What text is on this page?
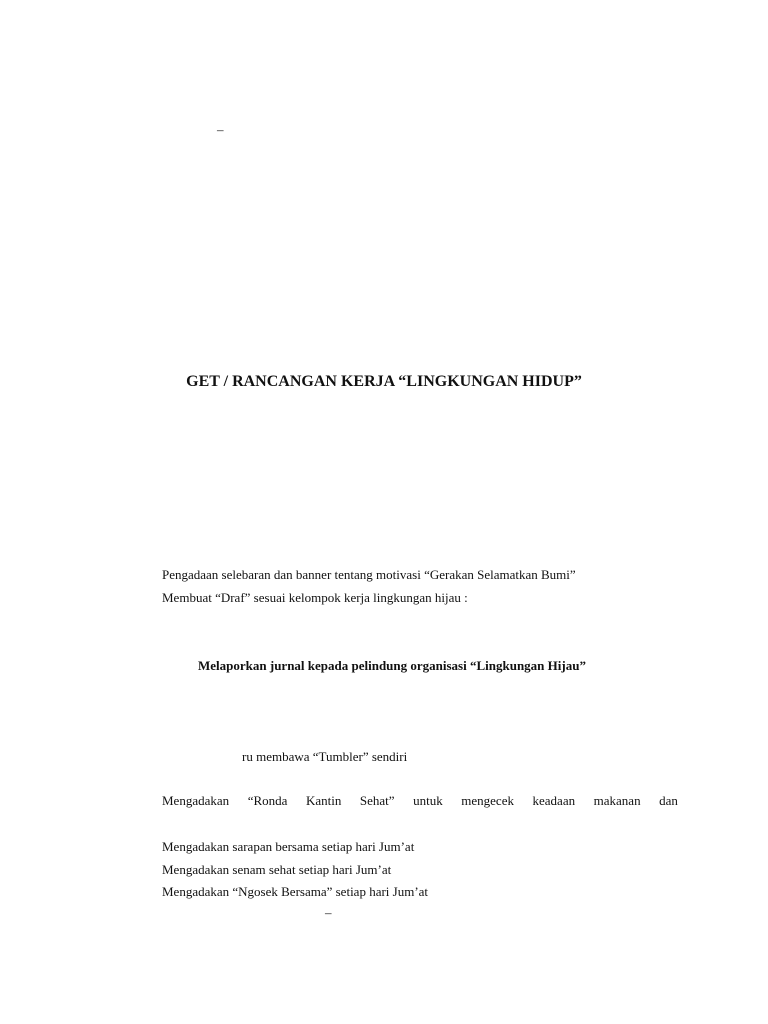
–
GET / RANCANGAN KERJA “LINGKUNGAN HIDUP”
Pengadaan selebaran dan banner tentang motivasi “Gerakan Selamatkan Bumi”
Membuat “Draf” sesuai kelompok kerja lingkungan hijau :
Melaporkan jurnal kepada pelindung organisasi “Lingkungan Hijau”
ru membawa “Tumbler” sendiri
Mengadakan “Ronda Kantin Sehat” untuk mengecek keadaan makanan dan
Mengadakan sarapan bersama setiap hari Jum’at
Mengadakan senam sehat setiap hari Jum’at
Mengadakan “Ngosek Bersama” setiap hari Jum’at
–
